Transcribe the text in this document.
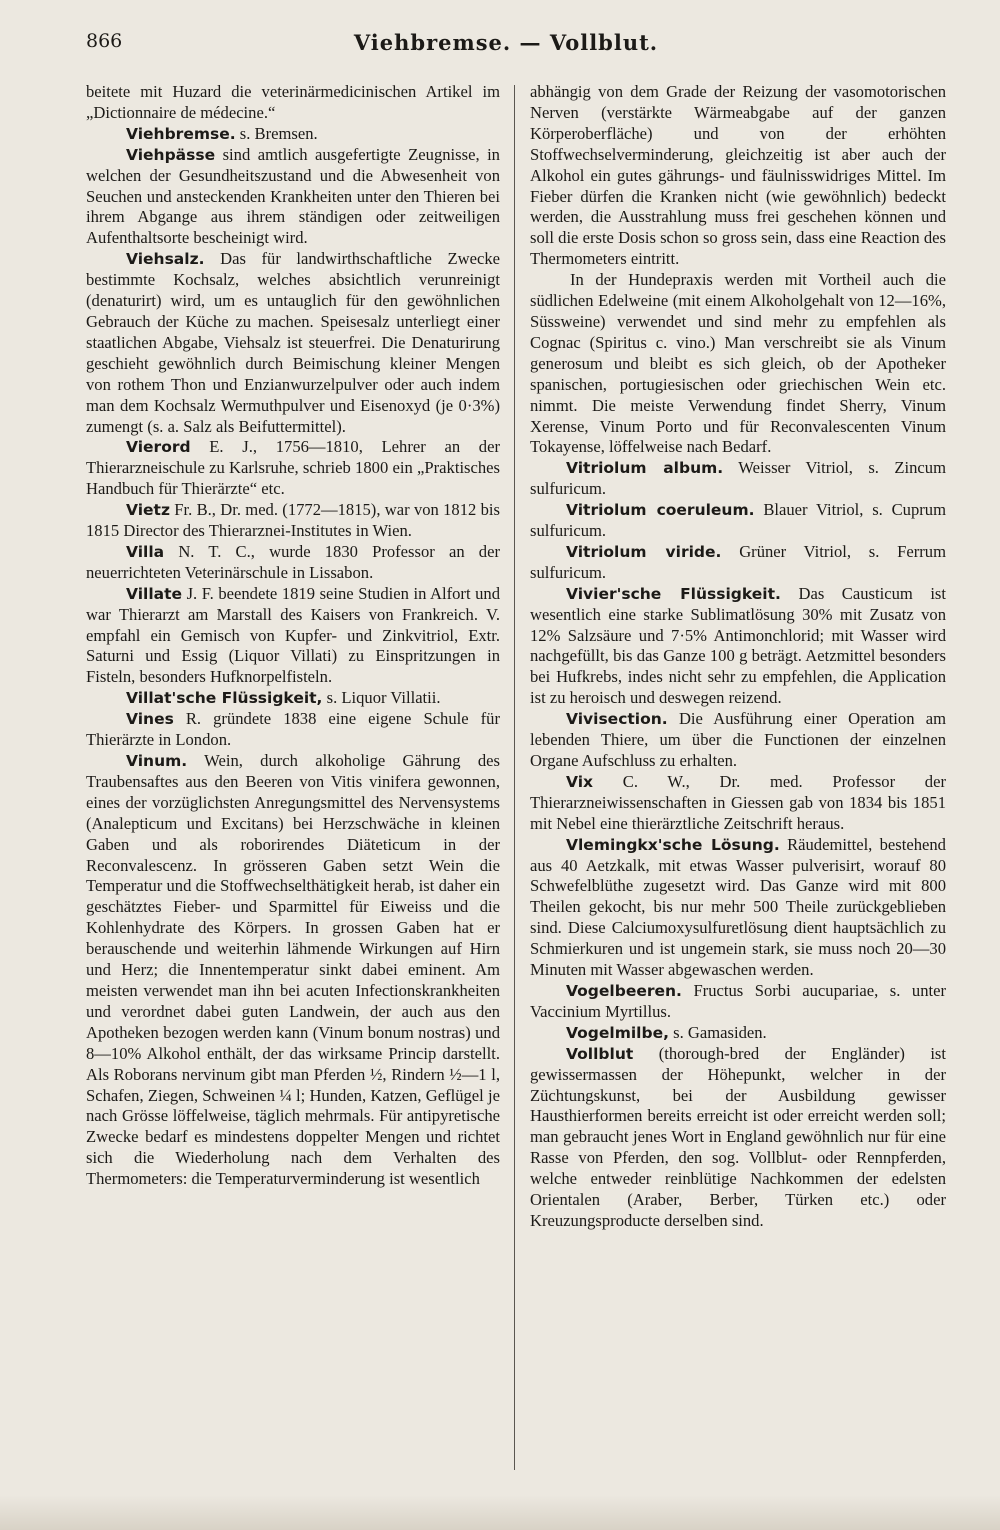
866	Viehbremse. — Vollblut.

beitete mit Huzard die veterinärmedicinischen Artikel im „Dictionnaire de médecine.“

Viehbremse. s. Bremsen.

Viehpässe sind amtlich ausgefertigte Zeugnisse, in welchen der Gesundheitszustand und die Abwesenheit von Seuchen und ansteckenden Krankheiten unter den Thieren bei ihrem Abgange aus ihrem ständigen oder zeitweiligen Aufenthaltsorte bescheinigt wird.

Viehsalz. Das für landwirthschaftliche Zwecke bestimmte Kochsalz, welches absichtlich verunreinigt (denaturirt) wird, um es untauglich für den gewöhnlichen Gebrauch der Küche zu machen. Speisesalz unterliegt einer staatlichen Abgabe, Viehsalz ist steuerfrei. Die Denaturirung geschieht gewöhnlich durch Beimischung kleiner Mengen von rothem Thon und Enzianwurzelpulver oder auch indem man dem Kochsalz Wermuthpulver und Eisenoxyd (je 0·3%) zumengt (s. a. Salz als Beifuttermittel).

Vierord E. J., 1756—1810, Lehrer an der Thierarzneischule zu Karlsruhe, schrieb 1800 ein „Praktisches Handbuch für Thierärzte“ etc.

Vietz Fr. B., Dr. med. (1772—1815), war von 1812 bis 1815 Director des Thierarznei-Institutes in Wien.

Villa N. T. C., wurde 1830 Professor an der neuerrichteten Veterinärschule in Lissabon.

Villate J. F. beendete 1819 seine Studien in Alfort und war Thierarzt am Marstall des Kaisers von Frankreich. V. empfahl ein Gemisch von Kupfer- und Zinkvitriol, Extr. Saturni und Essig (Liquor Villati) zu Einspritzungen in Fisteln, besonders Hufknorpelfisteln.

Villat'sche Flüssigkeit, s. Liquor Villatii.

Vines R. gründete 1838 eine eigene Schule für Thierärzte in London.

Vinum. Wein, durch alkoholige Gährung des Traubensaftes aus den Beeren von Vitis vinifera gewonnen, eines der vorzüglichsten Anregungsmittel des Nervensystems (Analepticum und Excitans) bei Herzschwäche in kleinen Gaben und als roborirendes Diäteticum in der Reconvalescenz. In grösseren Gaben setzt Wein die Temperatur und die Stoffwechselthätigkeit herab, ist daher ein geschätztes Fieber- und Sparmittel für Eiweiss und die Kohlenhydrate des Körpers. In grossen Gaben hat er berauschende und weiterhin lähmende Wirkungen auf Hirn und Herz; die Innentemperatur sinkt dabei eminent. Am meisten verwendet man ihn bei acuten Infectionskrankheiten und verordnet dabei guten Landwein, der auch aus den Apotheken bezogen werden kann (Vinum bonum nostras) und 8—10% Alkohol enthält, der das wirksame Princip darstellt. Als Roborans nervinum gibt man Pferden ½, Rindern ½—1 l, Schafen, Ziegen, Schweinen ¼ l; Hunden, Katzen, Geflügel je nach Grösse löffelweise, täglich mehrmals. Für antipyretische Zwecke bedarf es mindestens doppelter Mengen und richtet sich die Wiederholung nach dem Verhalten des Thermometers: die Temperaturverminderung ist wesentlich

abhängig von dem Grade der Reizung der vasomotorischen Nerven (verstärkte Wärmeabgabe auf der ganzen Körperoberfläche) und von der erhöhten Stoffwechselverminderung, gleichzeitig ist aber auch der Alkohol ein gutes gährungs- und fäulnisswidriges Mittel. Im Fieber dürfen die Kranken nicht (wie gewöhnlich) bedeckt werden, die Ausstrahlung muss frei geschehen können und soll die erste Dosis schon so gross sein, dass eine Reaction des Thermometers eintritt.

In der Hundepraxis werden mit Vortheil auch die südlichen Edelweine (mit einem Alkoholgehalt von 12—16%, Süssweine) verwendet und sind mehr zu empfehlen als Cognac (Spiritus c. vino.) Man verschreibt sie als Vinum generosum und bleibt es sich gleich, ob der Apotheker spanischen, portugiesischen oder griechischen Wein etc. nimmt. Die meiste Verwendung findet Sherry, Vinum Xerense, Vinum Porto und für Reconvalescenten Vinum Tokayense, löffelweise nach Bedarf.

Vitriolum album. Weisser Vitriol, s. Zincum sulfuricum.

Vitriolum coeruleum. Blauer Vitriol, s. Cuprum sulfuricum.

Vitriolum viride. Grüner Vitriol, s. Ferrum sulfuricum.

Vivier'sche Flüssigkeit. Das Causticum ist wesentlich eine starke Sublimatlösung 30% mit Zusatz von 12% Salzsäure und 7·5% Antimonchlorid; mit Wasser wird nachgefüllt, bis das Ganze 100 g beträgt. Aetzmittel besonders bei Hufkrebs, indes nicht sehr zu empfehlen, die Application ist zu heroisch und deswegen reizend.

Vivisection. Die Ausführung einer Operation am lebenden Thiere, um über die Functionen der einzelnen Organe Aufschluss zu erhalten.

Vix C. W., Dr. med. Professor der Thierarzneiwissenschaften in Giessen gab von 1834 bis 1851 mit Nebel eine thierärztliche Zeitschrift heraus.

Vlemingkx'sche Lösung. Räudemittel, bestehend aus 40 Aetzkalk, mit etwas Wasser pulverisirt, worauf 80 Schwefelblüthe zugesetzt wird. Das Ganze wird mit 800 Theilen gekocht, bis nur mehr 500 Theile zurückgeblieben sind. Diese Calciumoxysulfuretlösung dient hauptsächlich zu Schmierkuren und ist ungemein stark, sie muss noch 20—30 Minuten mit Wasser abgewaschen werden.

Vogelbeeren. Fructus Sorbi aucupariae, s. unter Vaccinium Myrtillus.

Vogelmilbe, s. Gamasiden.

Vollblut (thorough-bred der Engländer) ist gewissermassen der Höhepunkt, welcher in der Züchtungskunst, bei der Ausbildung gewisser Hausthierformen bereits erreicht ist oder erreicht werden soll; man gebraucht jenes Wort in England gewöhnlich nur für eine Rasse von Pferden, den sog. Vollblut- oder Rennpferden, welche entweder reinblütige Nachkommen der edelsten Orientalen (Araber, Berber, Türken etc.) oder Kreuzungsproducte derselben sind.
